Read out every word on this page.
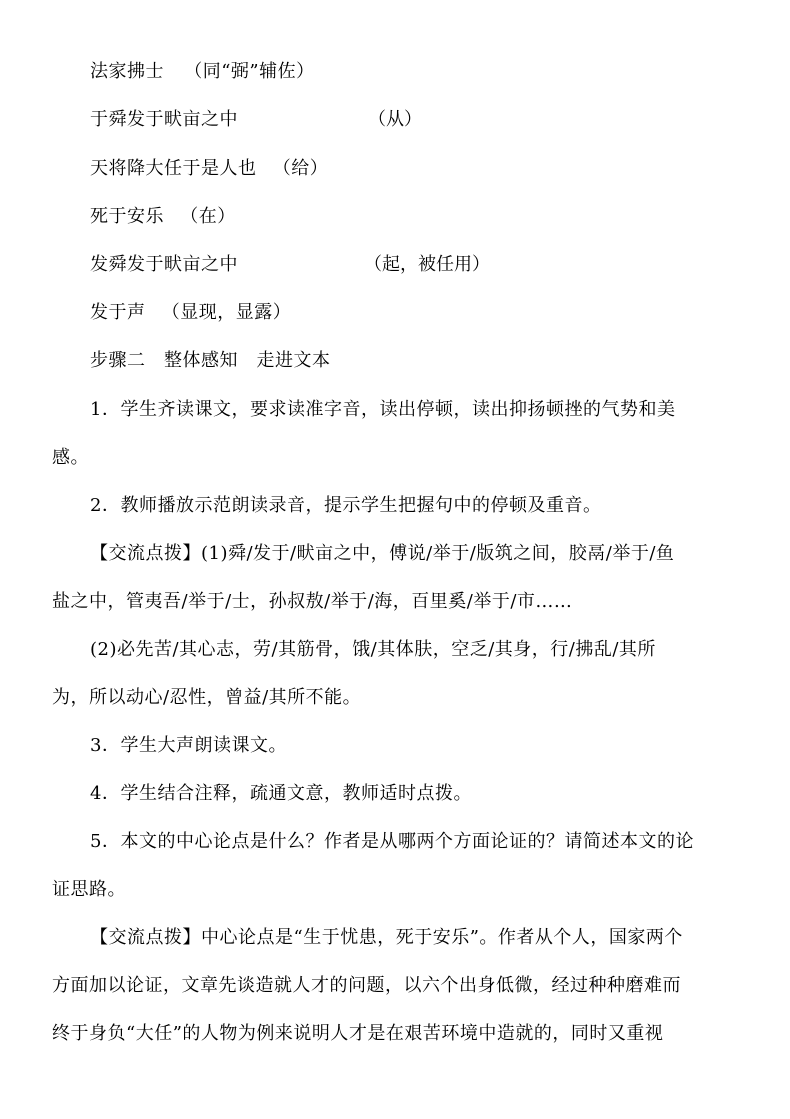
法家拂士 （同“弼”辅佐）
于舜发于畎亩之中	（从）
天将降大任于是人也 （给）
死于安乐 （在）
发舜发于畎亩之中	（起，被任用）
发于声 （显现，显露）
步骤二　整体感知　走进文本
1．学生齐读课文，要求读准字音，读出停顿，读出抑扬顿挫的气势和美
感。
2．教师播放示范朗读录音，提示学生把握句中的停顿及重音。
【交流点拨】(1)舜/发于/畎亩之中，傅说/举于/版筑之间，胶鬲/举于/鱼
盐之中，管夷吾/举于/士，孙叔敖/举于/海，百里奚/举于/市……
(2)必先苦/其心志，劳/其筋骨，饿/其体肤，空乏/其身，行/拂乱/其所
为，所以动心/忍性，曾益/其所不能。
3．学生大声朗读课文。
4．学生结合注释，疏通文意，教师适时点拨。
5．本文的中心论点是什么？作者是从哪两个方面论证的？请简述本文的论
证思路。
【交流点拨】中心论点是“生于忧患，死于安乐”。作者从个人，国家两个
方面加以论证，文章先谈造就人才的问题，以六个出身低微，经过种种磨难而
终于身负“大任”的人物为例来说明人才是在艰苦环境中造就的，同时又重视
